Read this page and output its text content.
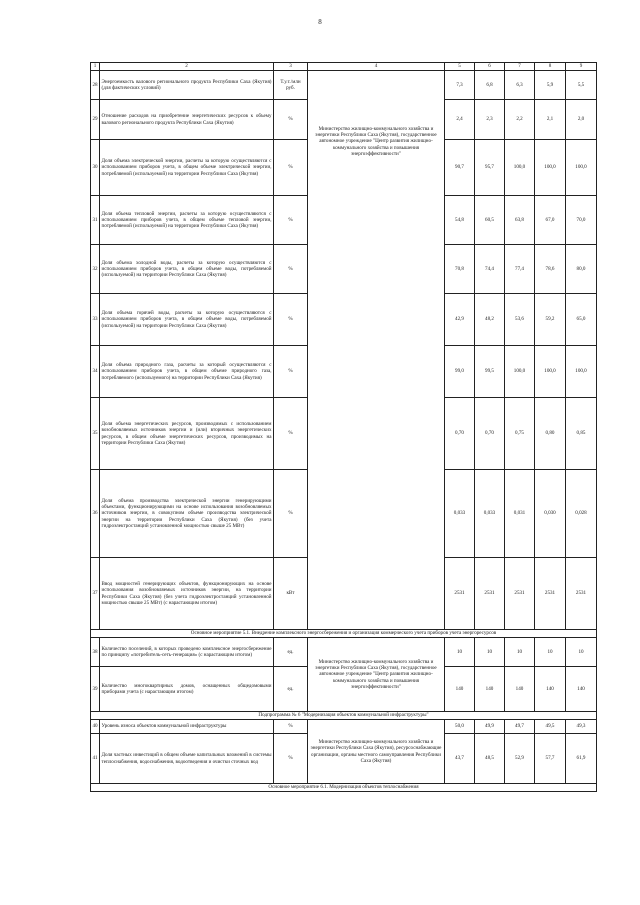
8
1	2	3	4	5	6	7	8	9
28	Энергоемкость валового регионального продукта Республики Саха (Якутия) (для фактических условий)	Т.у.т./млн руб.	Министерство жилищно-коммунального хозяйства и энергетики Республики Саха (Якутия), государственное автономное учреждение "Центр развития жилищно-коммунального хозяйства и повышения энергоэффективности"	7,3	6,8	6,3	5,9	5,5
29	Отношение расходов на приобретение энергетических ресурсов к объему валового регионального продукта Республики Саха (Якутия)	%		2,4	2,3	2,2	2,1	2,0
30	Доля объема электрической энергии, расчеты за которую осуществляются с использованием приборов учета, в общем объеме электрической энергии, потребляемой (используемой) на территории Республики Саха (Якутия)	%		90,7	95,7	100,0	100,0	100,0
31	Доля объема тепловой энергии, расчеты за которую осуществляются с использованием приборов учета, в общем объеме тепловой энергии, потребляемой (используемой) на территории Республики Саха (Якутия)	%		54,8	60,5	63,8	67,0	70,0
32	Доля объема холодной воды, расчеты за которую осуществляются с использованием приборов учета, в общем объеме воды, потребляемой (используемой) на территории Республики Саха (Якутия)	%		70,8	74,4	77,4	78,6	80,0
33	Доля объема горячей воды, расчеты за которую осуществляются с использованием приборов учета, в общем объеме воды, потребляемой (используемой) на территории Республики Саха (Якутия)	%		42,9	48,2	53,6	59,2	65,0
34	Доля объема природного газа, расчеты за который осуществляются с использованием приборов учета, в общем объеме природного газа, потребляемого (используемого) на территории Республики Саха (Якутия)	%		99,0	99,5	100,0	100,0	100,0
35	Доля объема энергетических ресурсов, производимых с использованием возобновляемых источников энергии и (или) вторичных энергетических ресурсов, в общем объеме энергетических ресурсов, производимых на территории Республики Саха (Якутия)	%		0,70	0,70	0,75	0,80	0,85
36	Доля объема производства электрической энергии генерирующими объектами, функционирующими на основе использования возобновляемых источников энергии, в совокупном объеме производства электрической энергии на территории Республики Саха (Якутия) (без учета гидроэлектростанций установленной мощностью свыше 25 МВт)	%		0,033	0,033	0,031	0,030	0,028
37	Ввод мощностей генерирующих объектов, функционирующих на основе использования возобновляемых источников энергии, на территории Республики Саха (Якутия) (без учета гидроэлектростанций установленной мощностью свыше 25 МВт) (с нарастающим итогом)	кВт		2531	2531	2531	2531	2531
Основное мероприятие 5.1. Внедрение комплексного энергосбережения и организация коммерческого учета приборов учета энергоресурсов								
38	Количество поселений, в которых проведено комплексное энергосбережение по принципу «потребитель-сеть-генерация» (с нарастающим итогом)	ед.	Министерство жилищно-коммунального хозяйства и энергетики Республики Саха (Якутия), государственное автономное учреждение "Центр развития жилищно-коммунального хозяйства и повышения энергоэффективности"	10	10	10	10	10
39	Количество многоквартирных домов, оснащенных общедомовыми приборами учета (с нарастающим итогом)	ед.		140	140	140	140	140
Подпрограмма № 6 "Модернизация объектов коммунальной инфраструктуры"								
40	Уровень износа объектов коммунальной инфраструктуры	%	Министерство жилищно-коммунального хозяйства и энергетики Республики Саха (Якутия), ресурсоснабжающие организации, органы местного самоуправления Республики Саха (Якутия)	50,0	49,9	49,7	49,5	49,3
41	Доля частных инвестиций в общем объеме капитальных вложений в системы теплоснабжения, водоснабжения, водоотведения и очистки сточных вод	%		43,7	48,5	52,9	57,7	61,9
Основное мероприятие 6.1. Модернизация объектов теплоснабжения								
